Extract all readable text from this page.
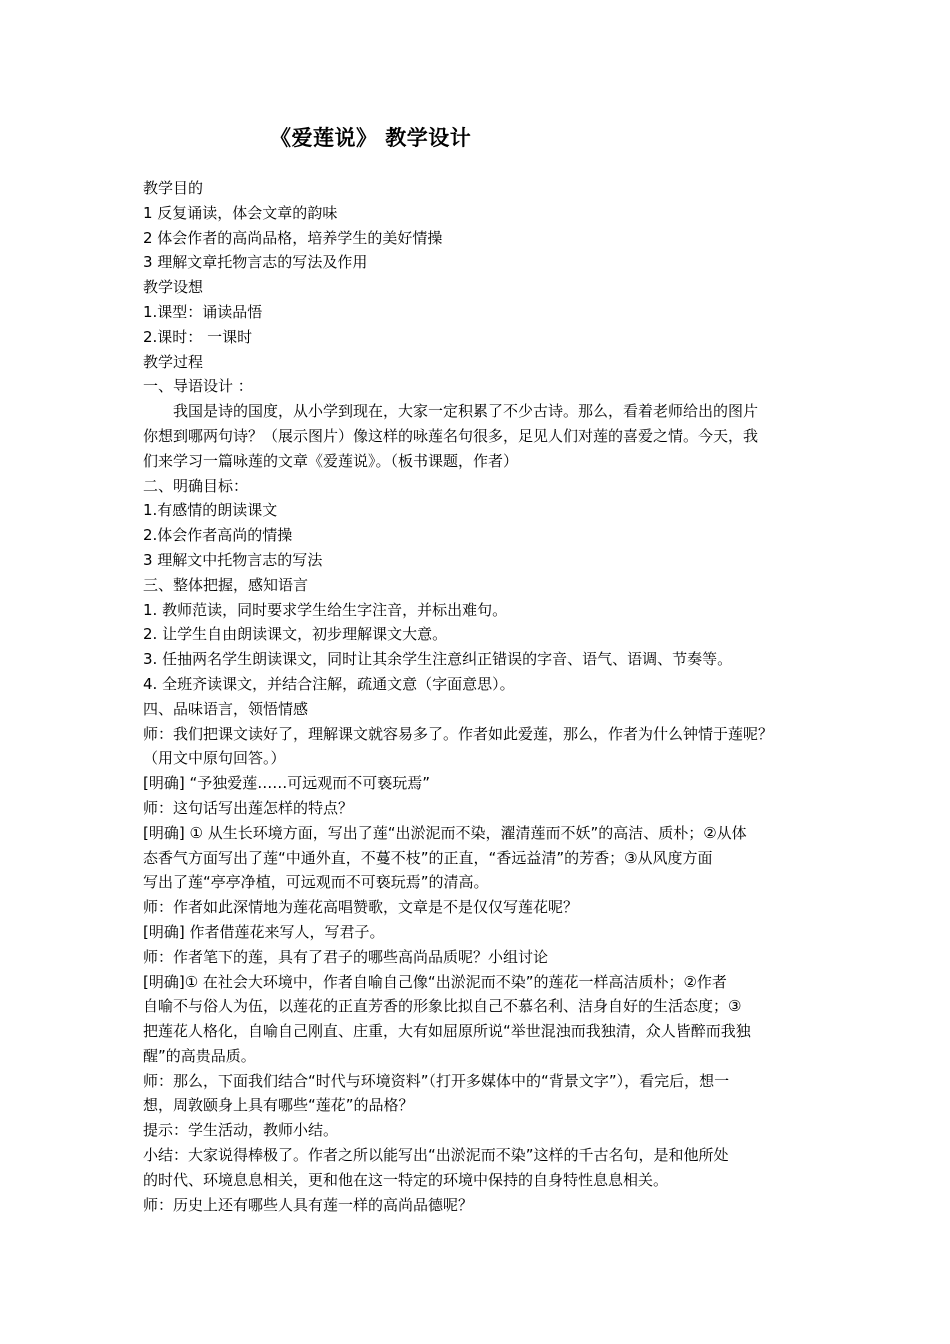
《爱莲说》 教学设计
教学目的
1 反复诵读，体会文章的韵味
2 体会作者的高尚品格，培养学生的美好情操
3 理解文章托物言志的写法及作用
教学设想
1.课型：诵读品悟
2.课时： 一课时
教学过程
一、导语设计 ：
我国是诗的国度，从小学到现在，大家一定积累了不少古诗。那么，看着老师给出的图片
你想到哪两句诗？（展示图片）像这样的咏莲名句很多，足见人们对莲的喜爱之情。今天，我
们来学习一篇咏莲的文章《爱莲说》。（板书课题，作者）
二、明确目标：
1.有感情的朗读课文
2.体会作者高尚的情操
3 理解文中托物言志的写法
三、整体把握，感知语言
1. 教师范读，同时要求学生给生字注音，并标出难句。
2. 让学生自由朗读课文，初步理解课文大意。
3. 任抽两名学生朗读课文，同时让其余学生注意纠正错误的字音、语气、语调、节奏等。
4. 全班齐读课文，并结合注解，疏通文意（字面意思）。
四、品味语言，领悟情感
师：我们把课文读好了，理解课文就容易多了。作者如此爱莲，那么，作者为什么钟情于莲呢？
（用文中原句回答。）
[明确] “予独爱莲……可远观而不可亵玩焉”
师：这句话写出莲怎样的特点？
[明确] ① 从生长环境方面，写出了莲“出淤泥而不染，濯清莲而不妖”的高洁、质朴；②从体
态香气方面写出了莲“中通外直，不蔓不枝”的正直，“香远益清”的芳香；③从风度方面
写出了莲“亭亭净植，可远观而不可亵玩焉”的清高。
师：作者如此深情地为莲花高唱赞歌，文章是不是仅仅写莲花呢？
[明确] 作者借莲花来写人，写君子。
师：作者笔下的莲，具有了君子的哪些高尚品质呢？小组讨论
[明确]① 在社会大环境中，作者自喻自己像“出淤泥而不染”的莲花一样高洁质朴；②作者
自喻不与俗人为伍，以莲花的正直芳香的形象比拟自己不慕名利、洁身自好的生活态度；③
把莲花人格化，自喻自己刚直、庄重，大有如屈原所说“举世混浊而我独清，众人皆醉而我独
醒”的高贵品质。
师：那么，下面我们结合“时代与环境资料”（打开多媒体中的“背景文字”），看完后，想一
想，周敦颐身上具有哪些“莲花”的品格？
提示：学生活动，教师小结。
小结：大家说得棒极了。作者之所以能写出“出淤泥而不染”这样的千古名句，是和他所处
的时代、环境息息相关，更和他在这一特定的环境中保持的自身特性息息相关。
师：历史上还有哪些人具有莲一样的高尚品德呢？
